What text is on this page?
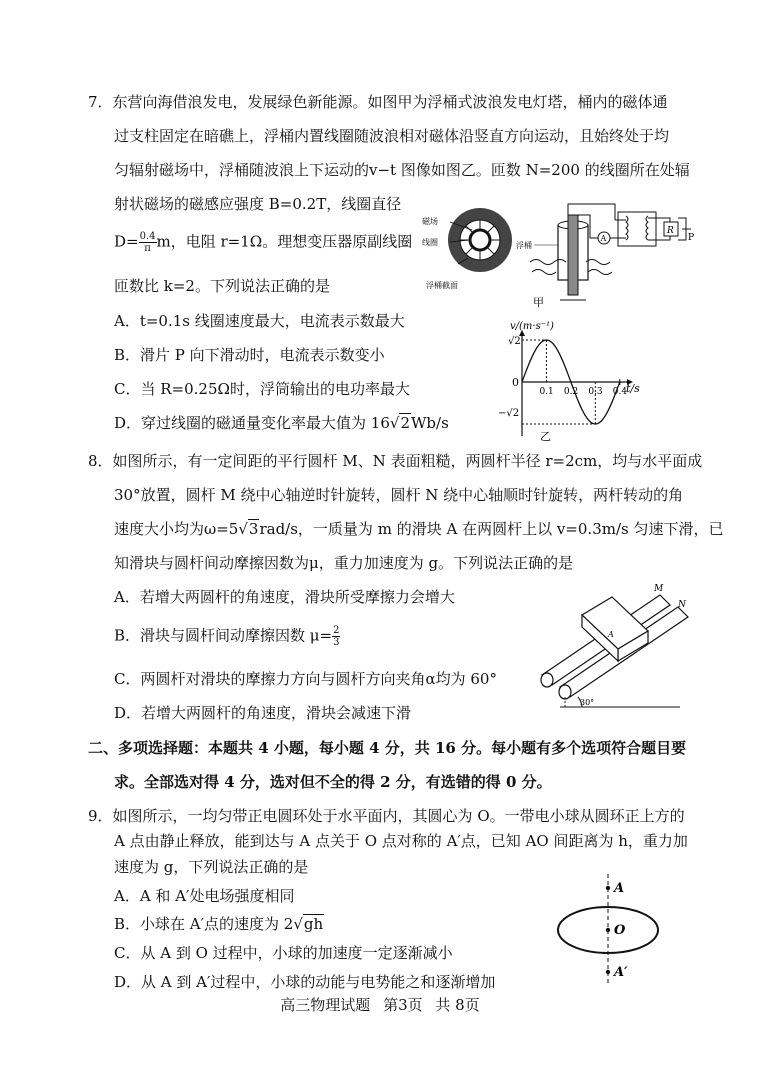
7．东营向海借浪发电，发展绿色新能源。如图甲为浮桶式波浪发电灯塔，桶内的磁体通
过支柱固定在暗礁上，浮桶内置线圈随波浪相对磁体沿竖直方向运动，且始终处于均
匀辐射磁场中，浮桶随波浪上下运动的v−t 图像如图乙。匝数 N=200 的线圈所在处辐
射状磁场的磁感应强度 B=0.2T，线圈直径
$D= \frac{0.4}{\pi}$ m，电阻 r=1Ω。理想变压器原副线圈
匝数比 k=2。下列说法正确的是
A．t=0.1s 线圈速度最大，电流表示数最大
B．滑片 P 向下滑动时，电流表示数变小
C．当 R=0.25Ω时，浮筒输出的电功率最大
D．穿过线圈的磁通量变化率最大值为 16√2Wb/s
磁场
线圈
浮桶截面
浮桶
A
R
P
甲
√2
0
−√2
v/(m·s⁻¹)
t/s
0.1 0.2 0.3 0.4
乙
8．如图所示，有一定间距的平行圆杆 M、N 表面粗糙，两圆杆半径 r=2cm，均与水平面成
30°放置，圆杆 M 绕中心轴逆时针旋转，圆杆 N 绕中心轴顺时针旋转，两杆转动的角
速度大小均为ω=5√3rad/s，一质量为 m 的滑块 A 在两圆杆上以 v=0.3m/s 匀速下滑，已
知滑块与圆杆间动摩擦因数为μ，重力加速度为 g。下列说法正确的是
A．若增大两圆杆的角速度，滑块所受摩擦力会增大
B．滑块与圆杆间动摩擦因数 $\mu= \frac{2}{3}$
C．两圆杆对滑块的摩擦力方向与圆杆方向夹角α均为 60°
D．若增大两圆杆的角速度，滑块会减速下滑
A
M
N
30°
二、多项选择题：本题共 4 小题，每小题 4 分，共 16 分。每小题有多个选项符合题目要
求。全部选对得 4 分，选对但不全的得 2 分，有选错的得 0 分。
9．如图所示，一均匀带正电圆环处于水平面内，其圆心为 O。一带电小球从圆环正上方的
A 点由静止释放，能到达与 A 点关于 O 点对称的 A′点，已知 AO 间距离为 h，重力加
速度为 g，下列说法正确的是
A．A 和 A′处电场强度相同
B．小球在 A′点的速度为 2√gh
C．从 A 到 O 过程中，小球的加速度一定逐渐减小
D．从 A 到 A′过程中，小球的动能与电势能之和逐渐增加
A
O
A′
高三物理试题 第3页 共 8页
